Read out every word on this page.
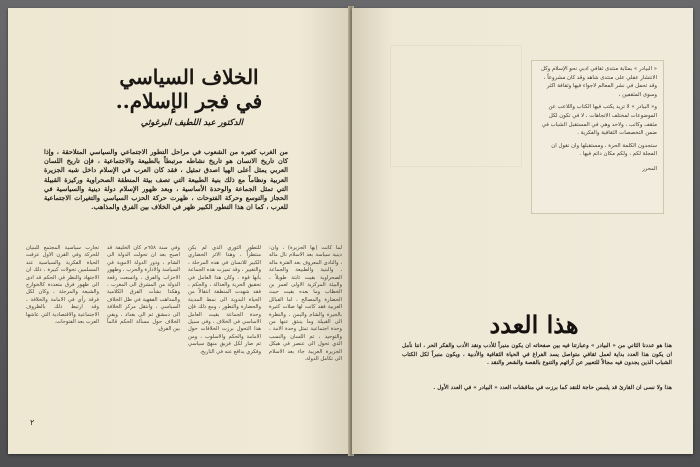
الخلاف السياسي
في فجر الإسلام..
الدكتور عبد اللطيف البرغوثي
من الغرب كغيره من الشعوب في مراحل التطور الاجتماعي والسياسي المتلاحقة ، وإذا كان تاريخ الانسان هو تاريخ نشاطه مرتبطاً بالطبيعة والاجتماعية ، فإن تاريخ اللسان العربي يمثل أعلى الهيا اصدق تمثيل ، فقد كان العرب في الإسلام داخل شبه الجزيرة العربية ونظاماً مع ذلك بنية الطبيعة التي تصف بيئة المنطقة الصحراوية وركيزة القبيلة التي تمثل الجماعة والوحدة الأساسية ، وبعد ظهور الإسلام دولة دينية والسياسية في الحجاز والتوسع وحركة الفتوحات ، ظهرت حركة الحزب السياسي والتغيرات الاجتماعية للعرب ، كما ان هذا التطور الكبير ظهر في الخلاف بين الفرق والمذاهب.
لما كانت (بها الجزيرة) ، وان: دينية سياسة بعد الاسلام نال ماله ، والنادى المعروف بعد الفترة ماله ، والبنية والطبيعة والجماعة الصحراوية بقيت ثابتة طويلاً ، والبيئة المركزية الاولى لعمر بن الخطاب وما بعده بقيت حيث الحضارة والمصالح ، اما القبائل العربية فقد كانت لها صلات كثيرة بالحيرة والشام واليمن ، والنظرة الى القبيلة وما ينبثق عنها من وحدة اجتماعية تمثل وحدة الامة ، والتوحيد ، ثم اللسان والنسب الذي تحول الى عنصر في هيكل الجزيرة العربية جاء بعد الاسلام الى تكامل الدولة.
للتطور الثوري الذي لم يكن منتظراً ، وهذا الاثر الحضاري الكبير للانسان في هذه المرحلة ، والتغيير ، وقد تميزت هذه الجماعة بأنها قوة ، وكان هذا العامل في تحقيق الحرية والعدالة ، والحكم ، فقد شهدت المنطقة انتقالاً من الحياة البدوية الى نمط المدينة والحضارة والتطور ، ومع ذلك فإن وحدة الجماعة بقيت العامل الاساسي في الخلاف ، وفي سبيل هذا التحول برزت الخلافات حول الامامة والحكم والاسلوب ، ومن ثم صار لكل فريق منهج سياسي وفكري يدافع عنه في التاريخ.
وفي سنة ٦٥٨م كان الخليفة قد اصبح بعد ان تحولت الدولة الى الشام ، ودور الدولة الاموية في السياسة والادارة والحرب ، وظهور الاحزاب والفرق ، واتسعت رقعة الدولة من المشرق الى المغرب ، وهكذا نشأت الفرق الكلامية والمذاهب الفقهية في ظل الخلاف السياسي ، وانتقل مركز الخلافة الى دمشق ثم الى بغداد ، وبقي الخلاف حول مسألة الحكم قائماً بين الفرق.
تجارب سياسية المجتمع للبنيان للحركة وفي القرن الاول عرفت الحياة الفكرية والسياسية عند المسلمين تحولات كبيرة ، ذلك ان الاجتهاد والنظر في الحكم قد ادى الى ظهور فرق متعددة كالخوارج والشيعة والمرجئة ، وكان لكل فرقة رأي في الامامة والخلافة ، وقد ارتبط ذلك بالظروف الاجتماعية والاقتصادية التي عاشها العرب بعد الفتوحات.
٢

« البيادر » بمثابة منتدى ثقافي ادبي نحو الإسلام وكل الانتشار عقلي على منتدى شاهد وقد كان مشروعاً ، وقد تحمل في نشر المعالم لاجواء فيها وثقافة اكثر وسوى المثقفين ،

و« البيادر » لا تريد يكتب فيها الكتاب واللاعب عن الموضوعات لمختلف الاتجاهات ، لا في تكون لكل مثقف وكاتب ، ولاحد وهي في المستقبل الشباب في ضمن التخصصات الثقافية والفكرية .

ستجدون الكلمة الحرة ، ومستقبلها وان نقول ان المجلة لكم ، ولكم مكان دائم فيها .

المحرر
هذا العدد
هذا هو عددنا الثاني من « البيادر » وعبارتنا فيه بين صفحاته ان يكون منبراً للأدب ونقد الأدب والفكر الحر ، اننا نأمل ان يكون هذا العدد بداية لعمل ثقافي متواصل يسد الفراغ في الحياة الثقافية والأدبية ، ويكون منبراً لكل الكتاب الشباب الذين يجدون فيه مجالاً للتعبير عن آرائهم والتنوع بالقصة والشعر والنقد .
هذا ولا نسى ان القارئ قد يلمس حاجة للنقد كما برزت في مناقشات العدد « البيادر » في العدد الأول .
